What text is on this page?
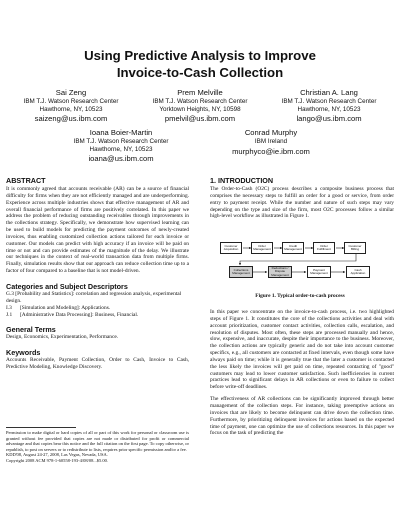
Using Predictive Analysis to Improve
Invoice-to-Cash Collection
Sai Zeng
IBM T.J. Watson Research Center
Hawthorne, NY, 10523
saizeng@us.ibm.com
Prem Melville
IBM T.J. Watson Research Center
Yorktown Heights, NY, 10598
pmelvil@us.ibm.com
Christian A. Lang
IBM T.J. Watson Research Center
Hawthorne, NY, 10523
lango@us.ibm.com
Ioana Boier-Martin
IBM T.J. Watson Research Center
Hawthorne, NY, 10523
ioana@us.ibm.com
Conrad Murphy
IBM Ireland
murphyco@ie.ibm.com

ABSTRACT

It is commonly agreed that accounts receivable (AR) can be a source of financial difficulty for firms when they are not efficiently managed and are underperforming. Experience across multiple industries shows that effective management of AR and overall financial performance of firms are positively correlated. In this paper we address the problem of reducing outstanding receivables through improvements in the collections strategy. Specifically, we demonstrate how supervised learning can be used to build models for predicting the payment outcomes of newly-created invoices, thus enabling customized collection actions tailored for each invoice or customer. Our models can predict with high accuracy if an invoice will be paid on time or not and can provide estimates of the magnitude of the delay. We illustrate our techniques in the context of real-world transaction data from multiple firms. Finally, simulation results show that our approach can reduce collection time up to a factor of four compared to a baseline that is not model-driven.

Categories and Subject Descriptors

G.3 [Probability and Statistics]: correlation and regression analysis, experimental design.

I.3 [Simulation and Modeling]: Applications.

J.1 [Administrative Data Processing]: Business, Financial.

General Terms

Design, Economics, Experimentation, Performance.

Keywords

Accounts Receivable, Payment Collection, Order to Cash, Invoice to Cash, Predictive Modeling, Knowledge Discovery.

Permission to make digital or hard copies of all or part of this work for personal or classroom use is granted without fee provided that copies are not made or distributed for profit or commercial advantage and that copies bear this notice and the full citation on the first page. To copy otherwise, or republish, to post on servers or to redistribute to lists, requires prior specific permission and/or a fee.

KDD'08, August 24-27, 2008, Las Vegas, Nevada, USA.

Copyright 2008 ACM 978-1-60558-193-4/08/08...$5.00.

1. INTRODUCTION

The Order-to-Cash (O2C) process describes a composite business process that comprises the necessary steps to fulfill an order for a good or service, from order entry to payment receipt. While the number and nature of such steps may vary depending on the type and size of the firm, most O2C processes follow a similar high-level workflow as illustrated in Figure 1.

Customer Acquisition
Order Management
Credit Management
Order Fulfillment
Customer Billing
Collections Management
Deductions / Dispute Management
Payment Management
Cash Application
Figure 1. Typical order-to-cash process

In this paper we concentrate on the invoice-to-cash process, i.e. two highlighted steps of Figure 1. It constitutes the core of the collections activities and deal with account prioritization, customer contact activities, collection calls, escalation, and resolution of disputes. Most often, these steps are processed manually and hence, slow, expensive, and inaccurate, despite their importance to the business. Moreover, the collection actions are typically generic and do not take into account customer specifics, e.g., all customers are contacted at fixed intervals, even though some have always paid on time; while it is generally true that the later a customer is contacted the less likely the invoices will get paid on time, repeated contacting of "good" customers may lead to lower customer satisfaction. Such inefficiencies in current practices lead to significant delays in AR collections or even to failure to collect before write-off deadlines.

The effectiveness of AR collections can be significantly improved through better management of the collection steps. For instance, taking preemptive actions on invoices that are likely to become delinquent can drive down the collection time. Furthermore, by prioritizing delinquent invoices for actions based on the expected time of payment, one can optimize the use of collections resources. In this paper we focus on the task of predicting the
